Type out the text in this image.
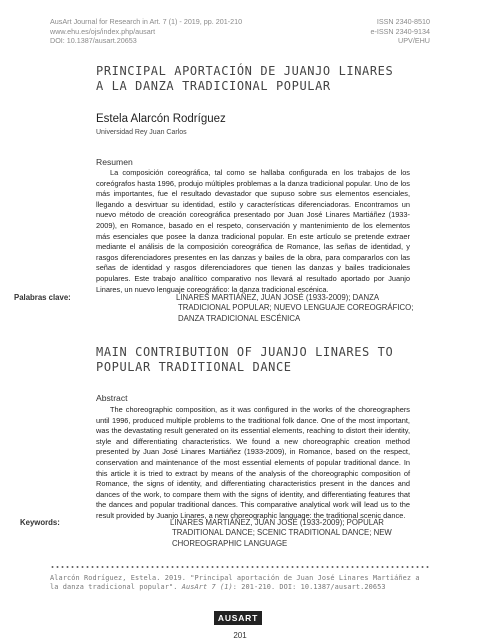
AusArt Journal for Research in Art. 7 (1) - 2019, pp. 201-210
www.ehu.es/ojs/index.php/ausart
DOI: 10.1387/ausart.20653
ISSN 2340-8510
e-ISSN 2340-9134
UPV/EHU
PRINCIPAL APORTACIÓN DE JUANJO LINARES
A LA DANZA TRADICIONAL POPULAR
Estela Alarcón Rodríguez
Universidad Rey Juan Carlos
Resumen

La composición coreográfica, tal como se hallaba configurada en los trabajos de los coreógrafos hasta 1996, produjo múltiples problemas a la danza tradicional popular. Uno de los más importantes, fue el resultado devastador que supuso sobre sus elementos esenciales, llegando a desvirtuar su identidad, estilo y características diferenciadoras. Encontramos un nuevo método de creación coreográfica presentado por Juan José Linares Martiáñez (1933-2009), en Romance, basado en el respeto, conservación y mantenimiento de los elementos más esenciales que posee la danza tradicional popular. En este artículo se pretende extraer mediante el análisis de la composición coreográfica de Romance, las señas de identidad, y rasgos diferenciadores presentes en las danzas y bailes de la obra, para compararlos con las señas de identidad y rasgos diferenciadores que tienen las danzas y bailes tradicionales populares. Este trabajo analítico comparativo nos llevará al resultado aportado por Juanjo Linares, un nuevo lenguaje coreográfico: la danza tradicional escénica.

Palabras clave:	LINARES MARTIÁÑEZ, JUAN JOSÉ (1933-2009); DANZA TRADICIONAL POPULAR; NUEVO LENGUAJE COREOGRÁFICO; DANZA TRADICIONAL ESCÉNICA
MAIN CONTRIBUTION OF JUANJO LINARES TO
POPULAR TRADITIONAL DANCE
Abstract

The choreographic composition, as it was configured in the works of the choreographers until 1996, produced multiple problems to the traditional folk dance. One of the most important, was the devastating result generated on its essential elements, reaching to distort their identity, style and differentiating characteristics. We found a new choreographic creation method presented by Juan José Linares Martiáñez (1933-2009), in Romance, based on the respect, conservation and maintenance of the most essential elements of popular traditional dance. In this article it is tried to extract by means of the analysis of the choreographic composition of Romance, the signs of identity, and differentiating characteristics present in the dances and dances of the work, to compare them with the signs of identity, and differentiating features that the dances and popular traditional dances. This comparative analytical work will lead us to the result provided by Juanjo Linares, a new choreographic language: the traditional scenic dance.

Keywords:	LINARES MARTIÁÑEZ, JUAN JOSÉ (1933-2009); POPULAR TRADITIONAL DANCE; SCENIC TRADITIONAL DANCE; NEW CHOREOGRAPHIC LANGUAGE
Alarcón Rodríguez, Estela. 2019. "Principal aportación de Juan José Linares Martiáñez a la danza tradicional popular". AusArt 7 (1): 201-210. DOI: 10.1387/ausart.20653
AUSART
201
